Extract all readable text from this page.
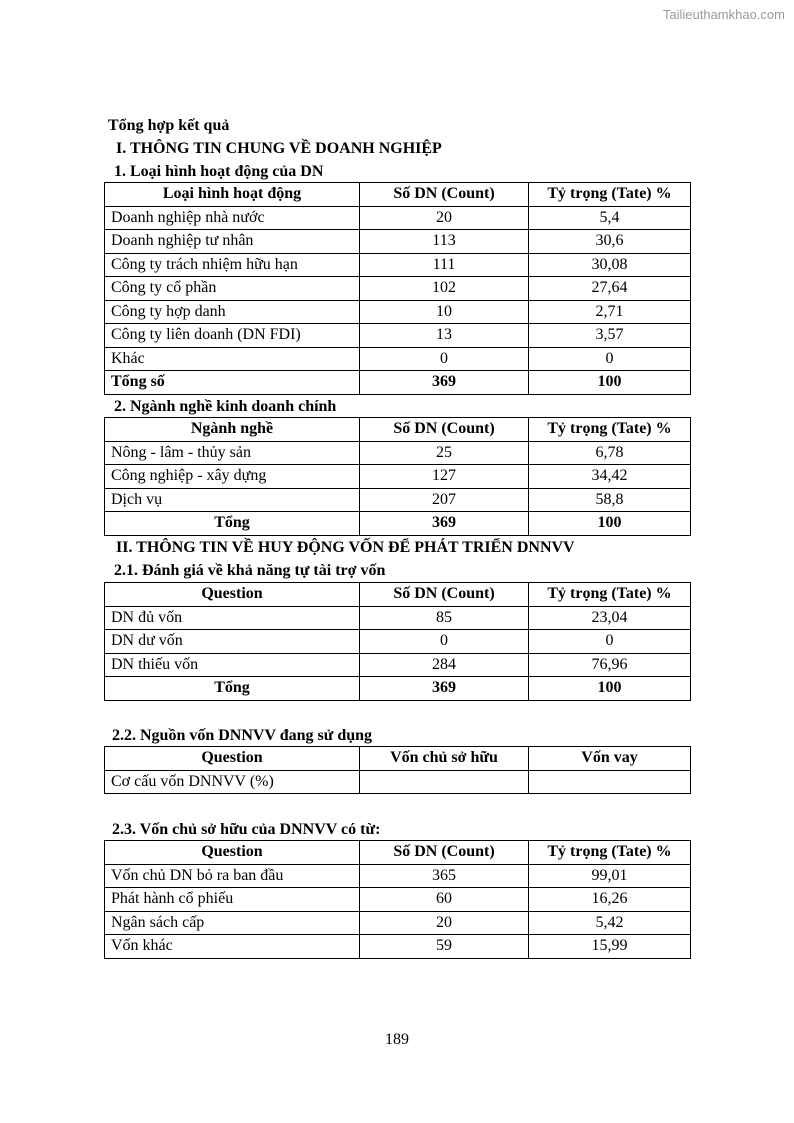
Tailieuthamkhao.com
Tổng hợp kết quả
I. THÔNG TIN CHUNG VỀ DOANH NGHIỆP
1. Loại hình hoạt động của DN
Loại hình hoạt động	Số DN (Count)	Tỷ trọng (Tate) %
Doanh nghiệp nhà nước	20	5,4
Doanh nghiệp tư nhân	113	30,6
Công ty trách nhiệm hữu hạn	111	30,08
Công ty cổ phần	102	27,64
Công ty hợp danh	10	2,71
Công ty liên doanh (DN FDI)	13	3,57
Khác	0	0
Tổng số	369	100
2. Ngành nghề kinh doanh chính
Ngành nghề	Số DN (Count)	Tỷ trọng (Tate) %
Nông - lâm - thủy sản	25	6,78
Công nghiệp - xây dựng	127	34,42
Dịch vụ	207	58,8
Tổng	369	100
II. THÔNG TIN VỀ HUY ĐỘNG VỐN ĐỂ PHÁT TRIỂN DNNVV
2.1. Đánh giá về khả năng tự tài trợ vốn
Question	Số DN (Count)	Tỷ trọng (Tate) %
DN đủ vốn	85	23,04
DN dư vốn	0	0
DN thiếu vốn	284	76,96
Tổng	369	100
2.2. Nguồn vốn DNNVV đang sử dụng
Question	Vốn chủ sở hữu	Vốn vay
Cơ cấu vốn DNNVV (%)		
2.3. Vốn chủ sở hữu của DNNVV có từ:
Question	Số DN (Count)	Tỷ trọng (Tate) %
Vốn chủ DN bỏ ra ban đầu	365	99,01
Phát hành cổ phiếu	60	16,26
Ngân sách cấp	20	5,42
Vốn khác	59	15,99
189
